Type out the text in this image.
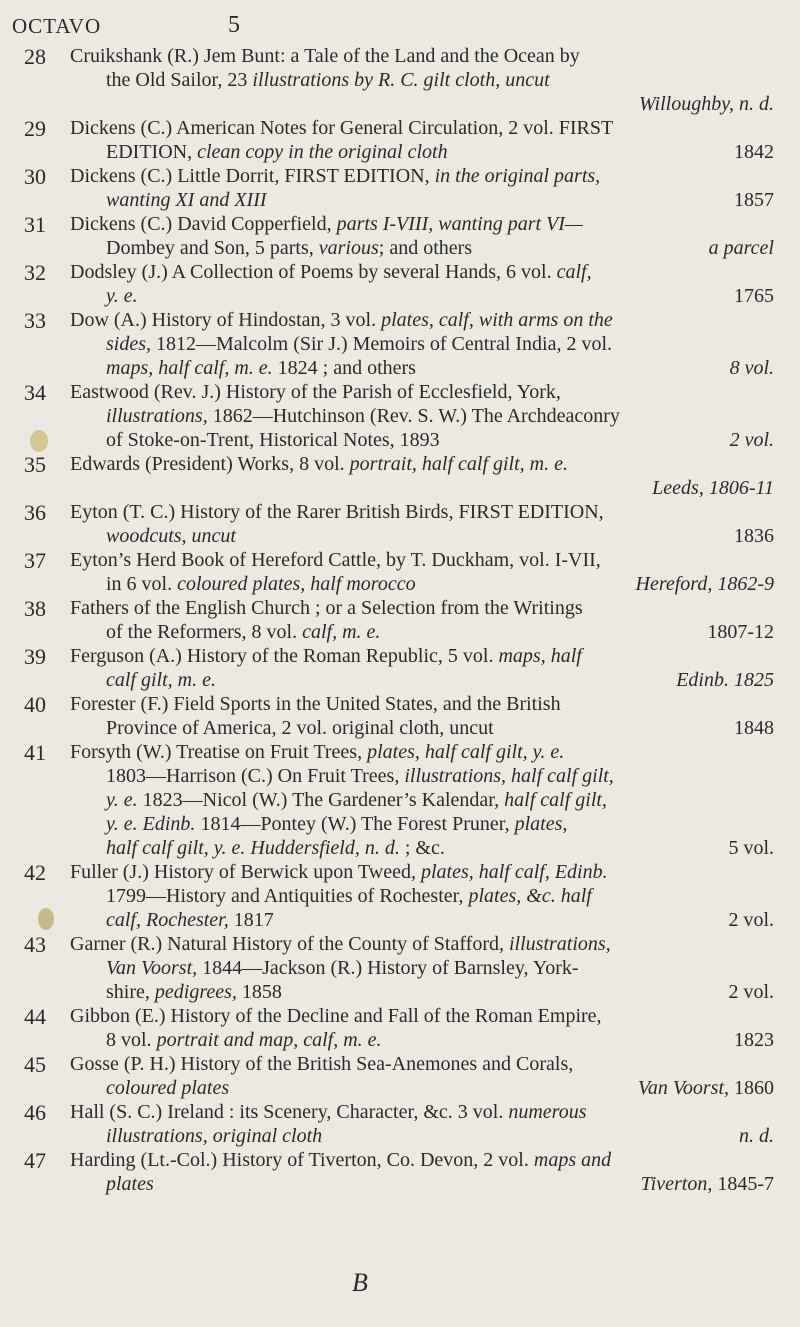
OCTAVO	5
28	Cruikshank (R.) Jem Bunt: a Tale of the Land and the Ocean by
the Old Sailor, 23 illustrations by R. C. gilt cloth, uncut
Willoughby, n. d.
29	Dickens (C.) American Notes for General Circulation, 2 vol. FIRST
EDITION, clean copy in the original cloth	1842
30	Dickens (C.) Little Dorrit, FIRST EDITION, in the original parts,
wanting XI and XIII	1857
31	Dickens (C.) David Copperfield, parts I-VIII, wanting part VI—
Dombey and Son, 5 parts, various; and others	a parcel
32	Dodsley (J.) A Collection of Poems by several Hands, 6 vol. calf,
y. e.	1765
33	Dow (A.) History of Hindostan, 3 vol. plates, calf, with arms on the
sides, 1812—Malcolm (Sir J.) Memoirs of Central India, 2 vol.
maps, half calf, m. e. 1824 ; and others	8 vol.
34	Eastwood (Rev. J.) History of the Parish of Ecclesfield, York,
illustrations, 1862—Hutchinson (Rev. S. W.) The Archdeaconry
of Stoke-on-Trent, Historical Notes, 1893	2 vol.
35	Edwards (President) Works, 8 vol. portrait, half calf gilt, m. e.
Leeds, 1806-11
36	Eyton (T. C.) History of the Rarer British Birds, FIRST EDITION,
woodcuts, uncut	1836
37	Eyton’s Herd Book of Hereford Cattle, by T. Duckham, vol. I-VII,
in 6 vol. coloured plates, half morocco	Hereford, 1862-9
38	Fathers of the English Church ; or a Selection from the Writings
of the Reformers, 8 vol. calf, m. e.	1807-12
39	Ferguson (A.) History of the Roman Republic, 5 vol. maps, half
calf gilt, m. e.	Edinb. 1825
40	Forester (F.) Field Sports in the United States, and the British
Province of America, 2 vol. original cloth, uncut	1848
41	Forsyth (W.) Treatise on Fruit Trees, plates, half calf gilt, y. e.
1803—Harrison (C.) On Fruit Trees, illustrations, half calf gilt,
y. e. 1823—Nicol (W.) The Gardener’s Kalendar, half calf gilt,
y. e. Edinb. 1814—Pontey (W.) The Forest Pruner, plates,
half calf gilt, y. e. Huddersfield, n. d. ; &c.	5 vol.
42	Fuller (J.) History of Berwick upon Tweed, plates, half calf, Edinb.
1799—History and Antiquities of Rochester, plates, &c. half
calf, Rochester, 1817	2 vol.
43	Garner (R.) Natural History of the County of Stafford, illustrations,
Van Voorst, 1844—Jackson (R.) History of Barnsley, York-
shire, pedigrees, 1858	2 vol.
44	Gibbon (E.) History of the Decline and Fall of the Roman Empire,
8 vol. portrait and map, calf, m. e.	1823
45	Gosse (P. H.) History of the British Sea-Anemones and Corals,
coloured plates	Van Voorst, 1860
46	Hall (S. C.) Ireland : its Scenery, Character, &c. 3 vol. numerous
illustrations, original cloth	n. d.
47	Harding (Lt.-Col.) History of Tiverton, Co. Devon, 2 vol. maps and
plates	Tiverton, 1845-7
B
